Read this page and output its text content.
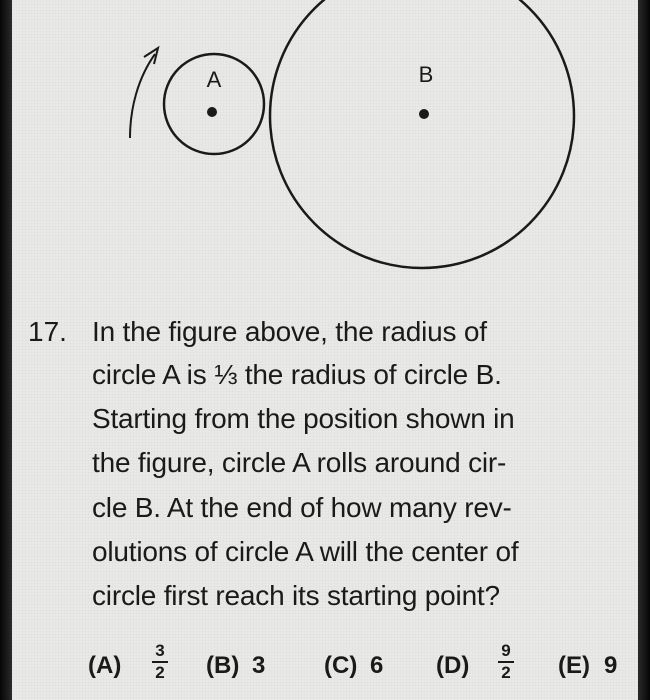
A	B
17. In the figure above, the radius of
circle A is ⅓ the radius of circle B.
Starting from the position shown in
the figure, circle A rolls around cir-
cle B. At the end of how many rev-
olutions of circle A will the center of
circle first reach its starting point?
(A)
3
2 (B) 3 (C) 6 (D)
9
2 (E) 9
